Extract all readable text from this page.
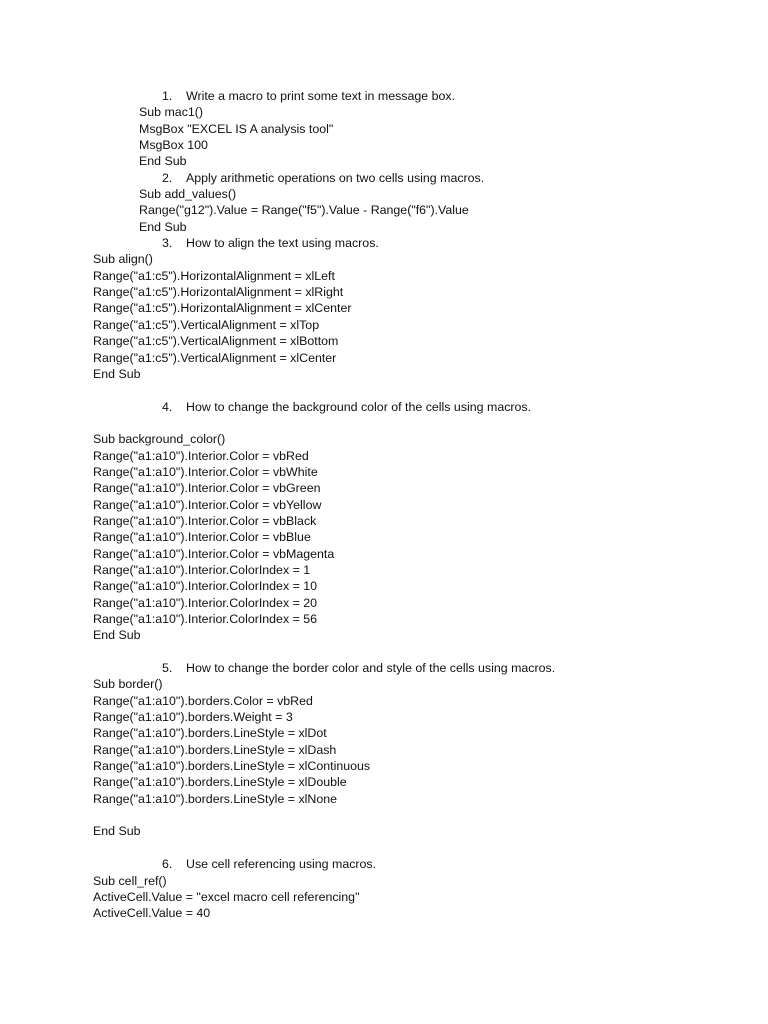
1. Write a macro to print some text in message box.
Sub mac1()
MsgBox "EXCEL IS A analysis tool"
MsgBox 100
End Sub
2. Apply arithmetic operations on two cells using macros.
Sub add_values()
Range("g12").Value = Range("f5").Value - Range("f6").Value
End Sub
3. How to align the text using macros.
Sub align()
Range("a1:c5").HorizontalAlignment = xlLeft
Range("a1:c5").HorizontalAlignment = xlRight
Range("a1:c5").HorizontalAlignment = xlCenter
Range("a1:c5").VerticalAlignment = xlTop
Range("a1:c5").VerticalAlignment = xlBottom
Range("a1:c5").VerticalAlignment = xlCenter
End Sub
4. How to change the background color of the cells using macros.
Sub background_color()
Range("a1:a10").Interior.Color = vbRed
Range("a1:a10").Interior.Color = vbWhite
Range("a1:a10").Interior.Color = vbGreen
Range("a1:a10").Interior.Color = vbYellow
Range("a1:a10").Interior.Color = vbBlack
Range("a1:a10").Interior.Color = vbBlue
Range("a1:a10").Interior.Color = vbMagenta
Range("a1:a10").Interior.ColorIndex = 1
Range("a1:a10").Interior.ColorIndex = 10
Range("a1:a10").Interior.ColorIndex = 20
Range("a1:a10").Interior.ColorIndex = 56
End Sub
5. How to change the border color and style of the cells using macros.
Sub border()
Range("a1:a10").borders.Color = vbRed
Range("a1:a10").borders.Weight = 3
Range("a1:a10").borders.LineStyle = xlDot
Range("a1:a10").borders.LineStyle = xlDash
Range("a1:a10").borders.LineStyle = xlContinuous
Range("a1:a10").borders.LineStyle = xlDouble
Range("a1:a10").borders.LineStyle = xlNone
End Sub
6. Use cell referencing using macros.
Sub cell_ref()
ActiveCell.Value = "excel macro cell referencing"
ActiveCell.Value = 40
